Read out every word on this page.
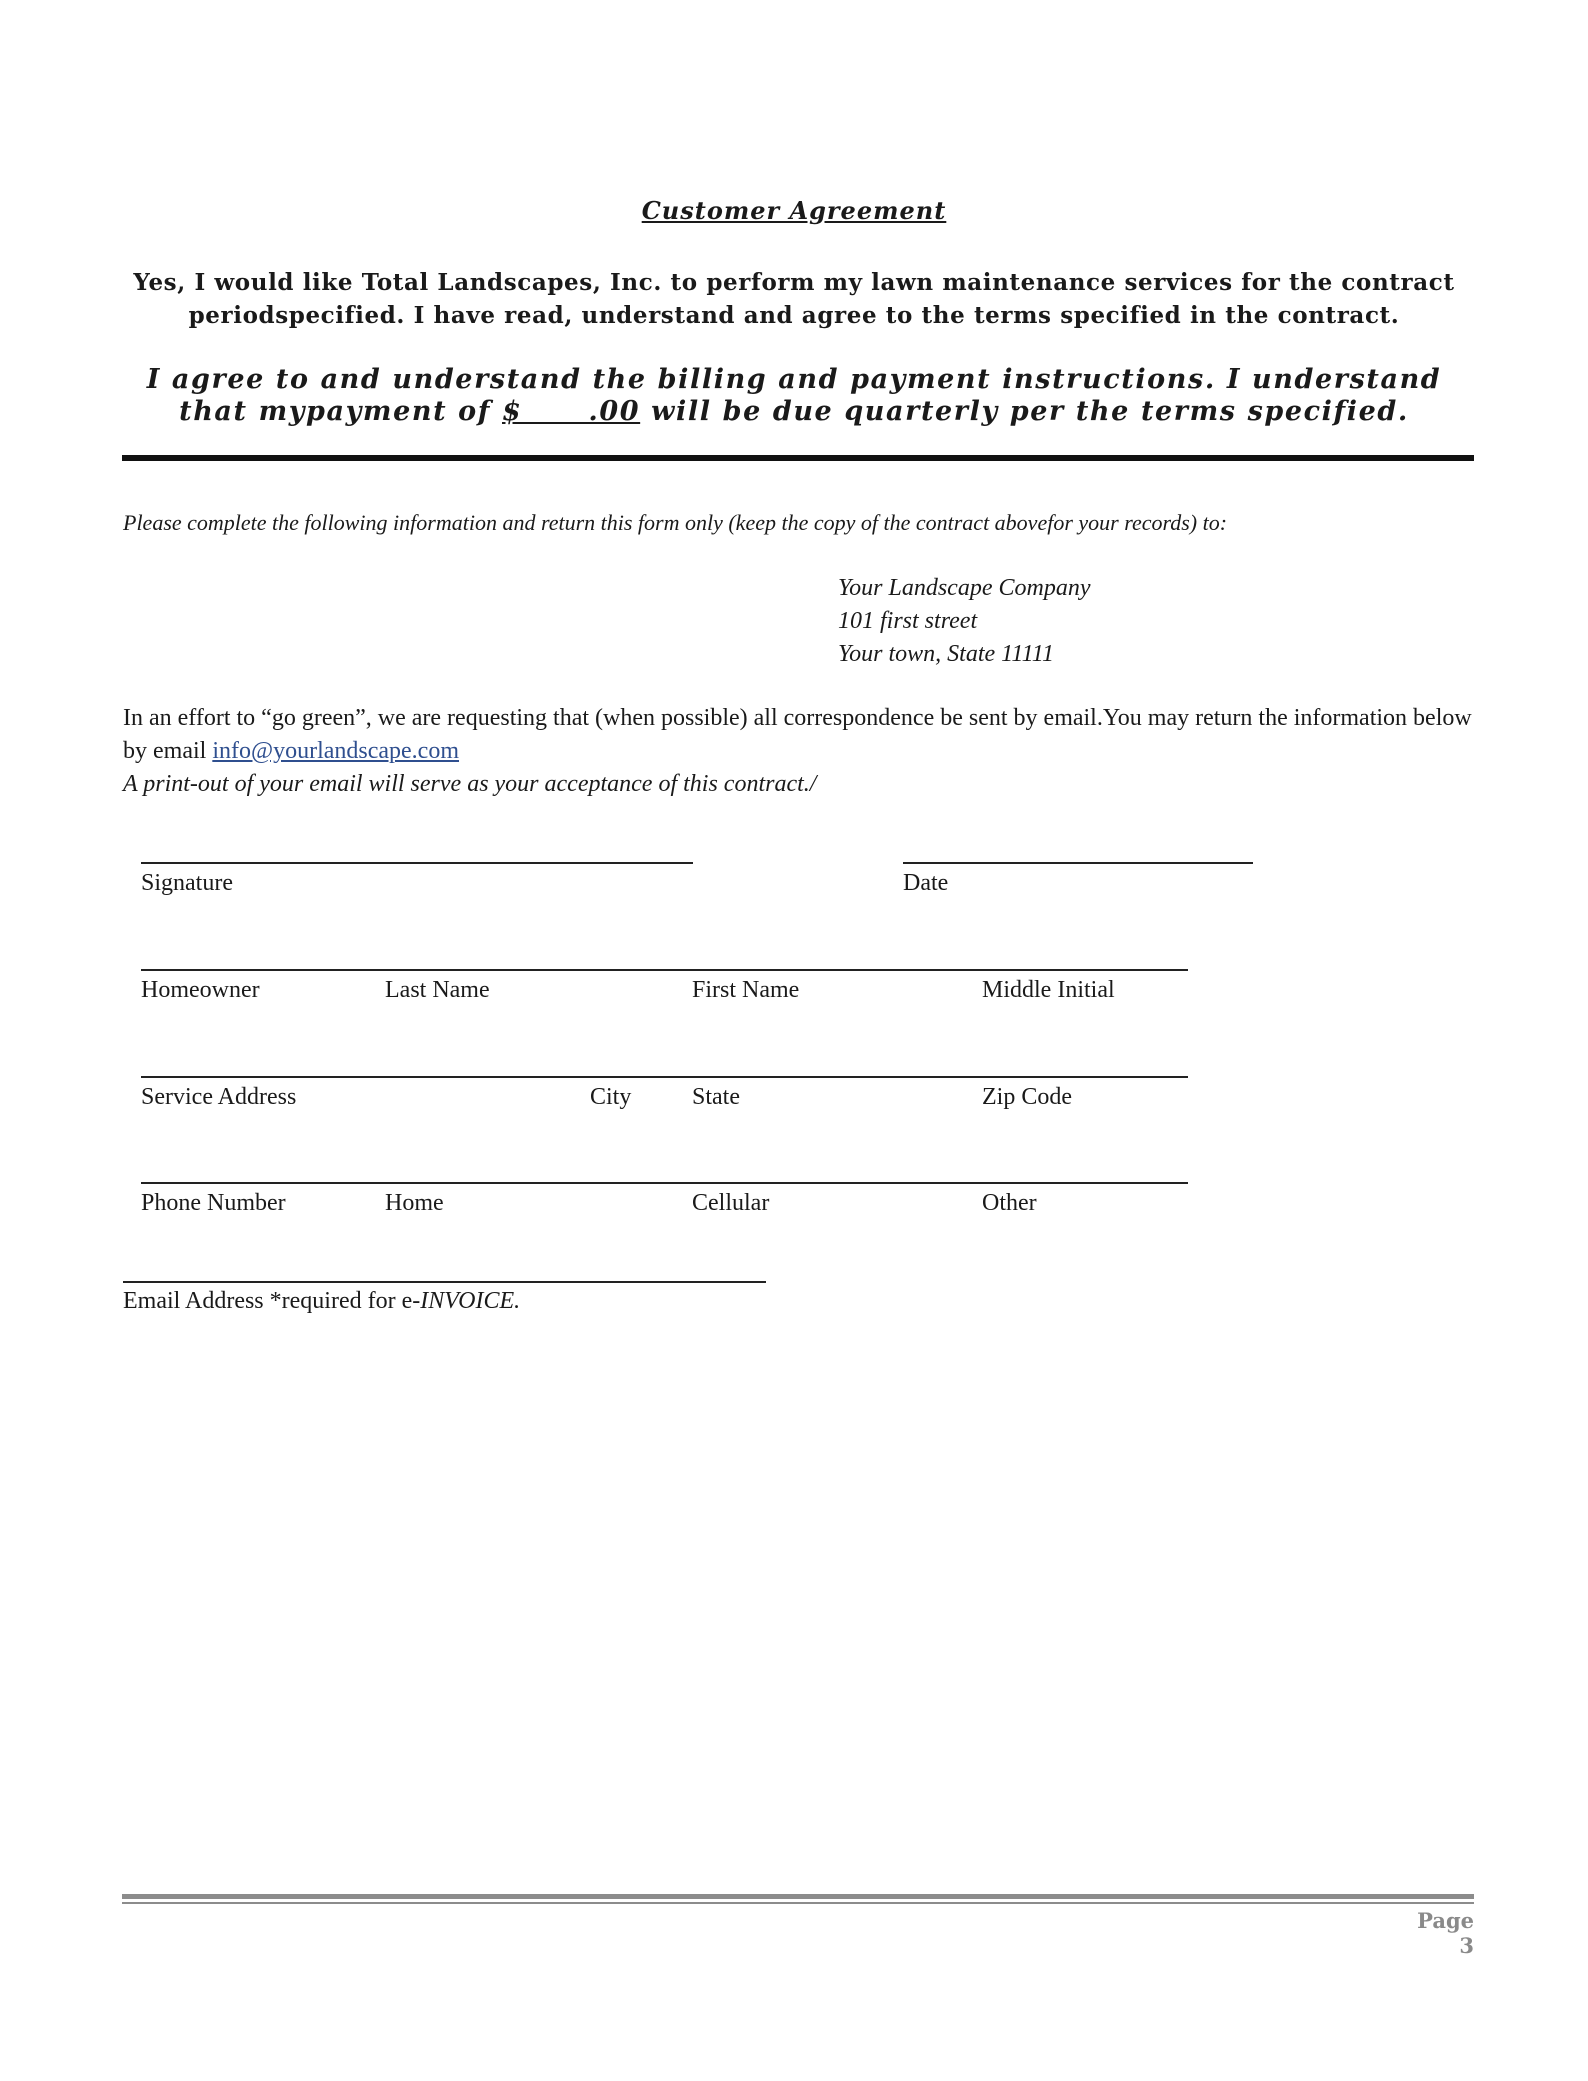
Customer Agreement
Yes, I would like Total Landscapes, Inc. to perform my lawn maintenance services for the contract periodspecified. I have read, understand and agree to the terms specified in the contract.
I agree to and understand the billing and payment instructions. I understand that mypayment of $      .00 will be due quarterly per the terms specified.
Please complete the following information and return this form only (keep the copy of the contract abovefor your records) to:
Your Landscape Company
101 first street
Your town, State 11111
In an effort to “go green”, we are requesting that (when possible) all correspondence be sent by email.You may return the information below by email info@yourlandscape.com
A print-out of your email will serve as your acceptance of this contract./
Signature	Date
Homeowner	Last Name	First Name	Middle Initial
Service Address	City	State	Zip Code
Phone Number	Home	Cellular	Other
Email Address *required for e-INVOICE.
Page 3
